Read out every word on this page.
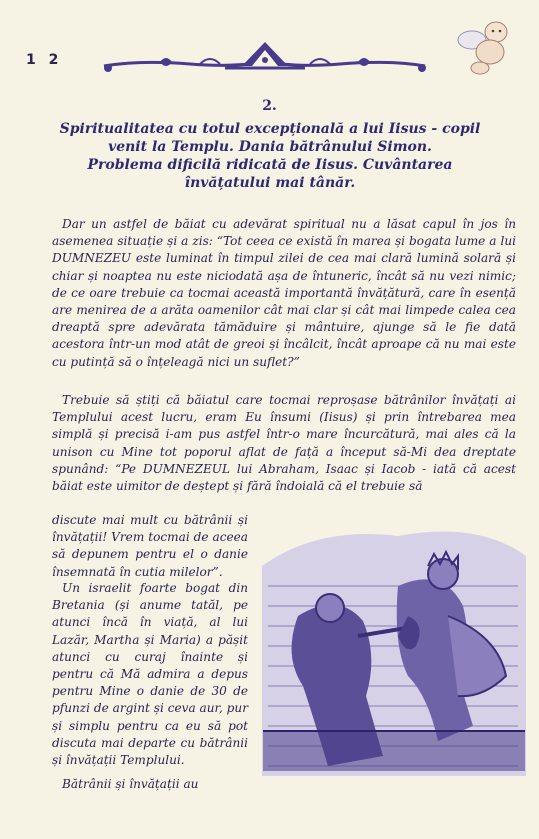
1 2
2.
Spiritualitatea cu totul excepțională a lui Iisus - copil
venit la Templu. Dania bătrânului Simon.
Problema dificilă ridicată de Iisus. Cuvântarea
învățatului mai tânăr.

Dar un astfel de băiat cu adevărat spiritual nu a lăsat capul în jos în asemenea situație și a zis: “Tot ceea ce există în marea și bogata lume a lui DUMNEZEU este luminat în timpul zilei de cea mai clară lumină solară și chiar și noaptea nu este niciodată așa de întuneric, încât să nu vezi nimic; de ce oare trebuie ca tocmai această importantă învățătură, care în esență are menirea de a arăta oamenilor cât mai clar și cât mai limpede calea cea dreaptă spre adevărata tămăduire și mântuire, ajunge să le fie dată acestora într-un mod atât de greoi și încâlcit, încât aproape că nu mai este cu putință să o înțeleagă nici un suflet?”

Trebuie să știți că băiatul care tocmai reproșase bătrânilor învățați ai Templului acest lucru, eram Eu însumi (Iisus) și prin întrebarea mea simplă și precisă i-am pus astfel într-o mare încurcătură, mai ales că la unison cu Mine tot poporul aflat de față a început să-Mi dea dreptate spunând: “Pe DUMNEZEUL lui Abraham, Isaac și Iacob - iată că acest băiat este uimitor de deștept și fără îndoială că el trebuie să

discute mai mult cu bătrânii și învățații! Vrem tocmai de aceea să depunem pentru el o danie însemnată în cutia milelor”.

Un israelit foarte bogat din Bretania (și anume tatăl, pe atunci încă în viață, al lui Lazăr, Martha și Maria) a pășit atunci cu curaj înainte și pentru că Mă admira a depus pentru Mine o danie de 30 de pfunzi de argint și ceva aur, pur și simplu pentru ca eu să pot discuta mai departe cu bătrânii și învățații Templului.

Bătrânii și învățații au
